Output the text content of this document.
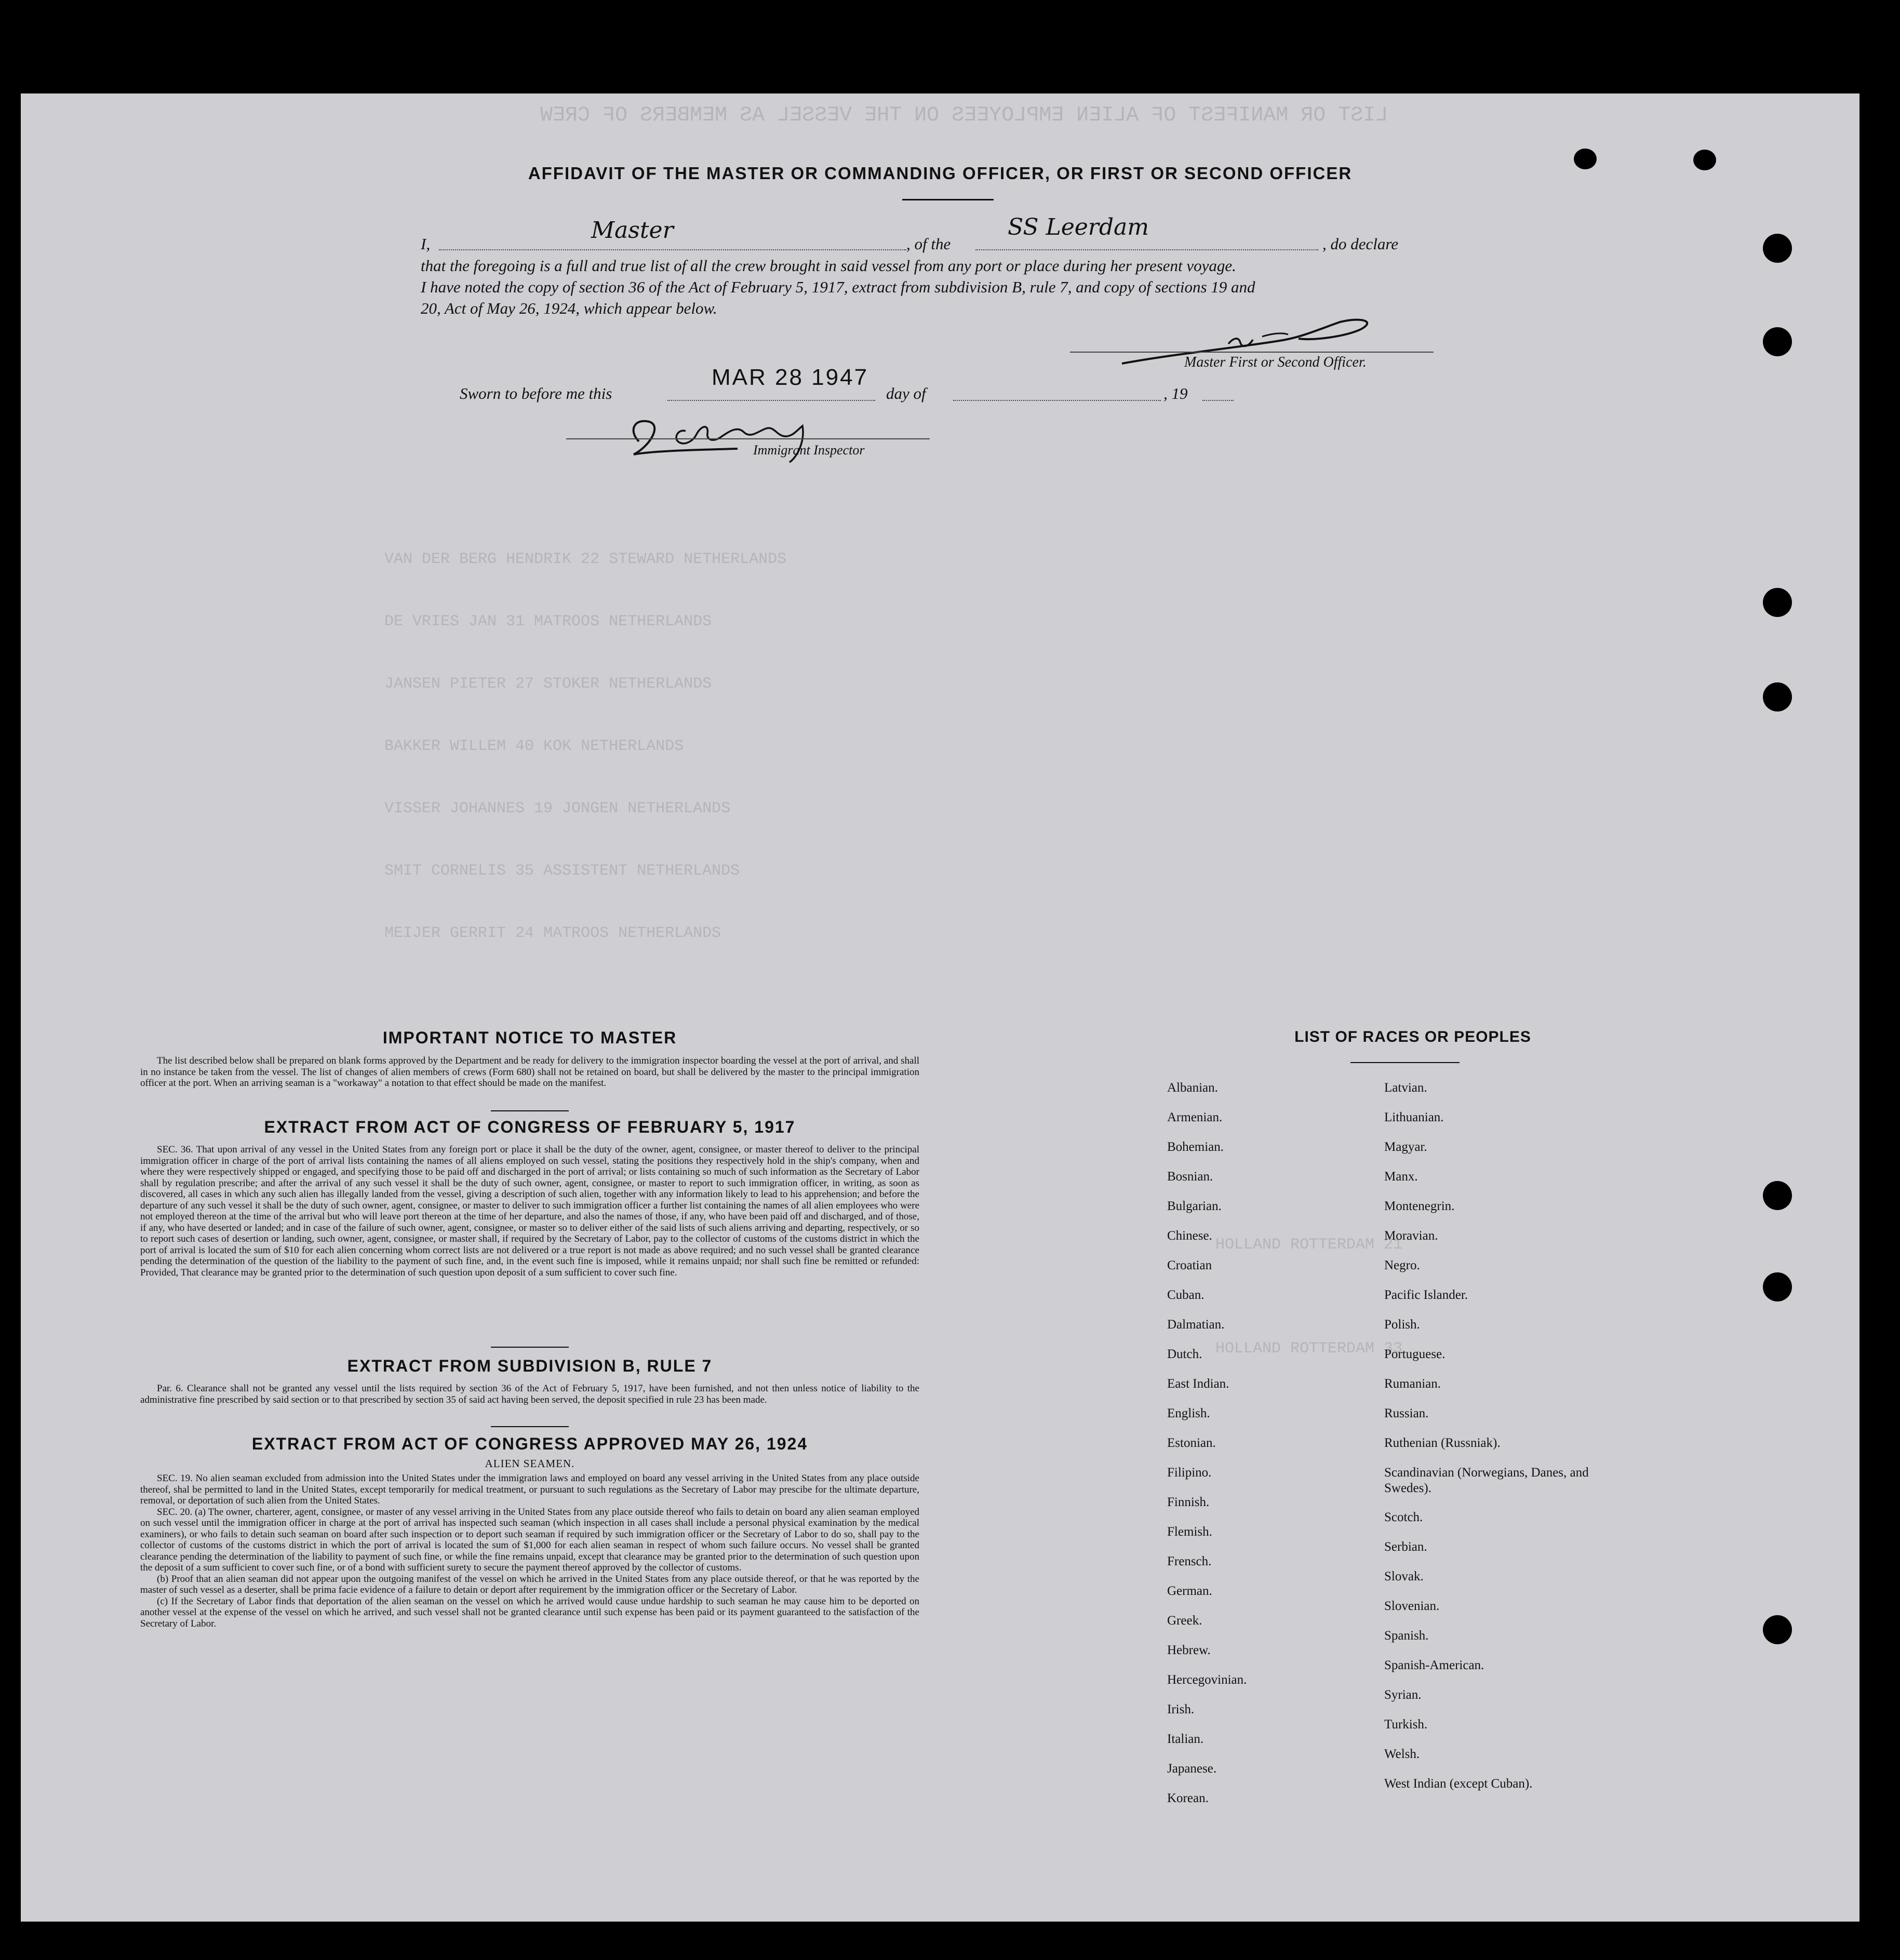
LIST OR MANIFEST OF ALIEN EMPLOYEES ON THE VESSEL AS MEMBERS OF CREW
VAN DER BERG HENDRIK 22 STEWARD NETHERLANDS
DE VRIES JAN 31 MATROOS NETHERLANDS
JANSEN PIETER 27 STOKER NETHERLANDS
BAKKER WILLEM 40 KOK NETHERLANDS
VISSER JOHANNES 19 JONGEN NETHERLANDS
SMIT CORNELIS 35 ASSISTENT NETHERLANDS
MEIJER GERRIT 24 MATROOS NETHERLANDS
HOLLAND ROTTERDAM 21
HOLLAND ROTTERDAM 33
AFFIDAVIT OF THE MASTER OR COMMANDING OFFICER, OR FIRST OR SECOND OFFICER
I,
Master
, of the
SS Leerdam
, do declare
that the foregoing is a full and true list of all the crew brought in said vessel from any port or place during her present voyage.
I have noted the copy of section 36 of the Act of February 5, 1917, extract from subdivision B, rule 7, and copy of sections 19 and
20, Act of May 26, 1924, which appear below.
Master First or Second Officer.
Sworn to before me this
MAR 28 1947
day of	, 19
Immigrant Inspector
IMPORTANT NOTICE TO MASTER

The list described below shall be prepared on blank forms approved by the Department and be ready for delivery to the immigration inspector boarding the vessel at the port of arrival, and shall in no instance be taken from the vessel. The list of changes of alien members of crews (Form 680) shall not be retained on board, but shall be delivered by the master to the principal immigration officer at the port. When an arriving seaman is a "workaway" a notation to that effect should be made on the manifest.

EXTRACT FROM ACT OF CONGRESS OF FEBRUARY 5, 1917

SEC. 36. That upon arrival of any vessel in the United States from any foreign port or place it shall be the duty of the owner, agent, consignee, or master thereof to deliver to the principal immigration officer in charge of the port of arrival lists containing the names of all aliens employed on such vessel, stating the positions they respectively hold in the ship's company, when and where they were respectively shipped or engaged, and specifying those to be paid off and discharged in the port of arrival; or lists containing so much of such information as the Secretary of Labor shall by regulation prescribe; and after the arrival of any such vessel it shall be the duty of such owner, agent, consignee, or master to report to such immigration officer, in writing, as soon as discovered, all cases in which any such alien has illegally landed from the vessel, giving a description of such alien, together with any information likely to lead to his apprehension; and before the departure of any such vessel it shall be the duty of such owner, agent, consignee, or master to deliver to such immigration officer a further list containing the names of all alien employees who were not employed thereon at the time of the arrival but who will leave port thereon at the time of her departure, and also the names of those, if any, who have been paid off and discharged, and of those, if any, who have deserted or landed; and in case of the failure of such owner, agent, consignee, or master so to deliver either of the said lists of such aliens arriving and departing, respectively, or so to report such cases of desertion or landing, such owner, agent, consignee, or master shall, if required by the Secretary of Labor, pay to the collector of customs of the customs district in which the port of arrival is located the sum of $10 for each alien concerning whom correct lists are not delivered or a true report is not made as above required; and no such vessel shall be granted clearance pending the determination of the question of the liability to the payment of such fine, and, in the event such fine is imposed, while it remains unpaid; nor shall such fine be remitted or refunded: Provided, That clearance may be granted prior to the determination of such question upon deposit of a sum sufficient to cover such fine.

EXTRACT FROM SUBDIVISION B, RULE 7

Par. 6. Clearance shall not be granted any vessel until the lists required by section 36 of the Act of February 5, 1917, have been furnished, and not then unless notice of liability to the administrative fine prescribed by said section or to that prescribed by section 35 of said act having been served, the deposit specified in rule 23 has been made.

EXTRACT FROM ACT OF CONGRESS APPROVED MAY 26, 1924
ALIEN SEAMEN.

SEC. 19. No alien seaman excluded from admission into the United States under the immigration laws and employed on board any vessel arriving in the United States from any place outside thereof, shal be permitted to land in the United States, except temporarily for medical treatment, or pursuant to such regulations as the Secretary of Labor may prescibe for the ultimate departure, removal, or deportation of such alien from the United States.

SEC. 20. (a) The owner, charterer, agent, consignee, or master of any vessel arriving in the United States from any place outside thereof who fails to detain on board any alien seaman employed on such vessel until the immigration officer in charge at the port of arrival has inspected such seaman (which inspection in all cases shall include a personal physical examination by the medical examiners), or who fails to detain such seaman on board after such inspection or to deport such seaman if required by such immigration officer or the Secretary of Labor to do so, shall pay to the collector of customs of the customs district in which the port of arrival is located the sum of $1,000 for each alien seaman in respect of whom such failure occurs. No vessel shall be granted clearance pending the determination of the liability to payment of such fine, or while the fine remains unpaid, except that clearance may be granted prior to the determination of such question upon the deposit of a sum sufficient to cover such fine, or of a bond with sufficient surety to secure the payment thereof approved by the collector of customs.

(b) Proof that an alien seaman did not appear upon the outgoing manifest of the vessel on which he arrived in the United States from any place outside thereof, or that he was reported by the master of such vessel as a deserter, shall be prima facie evidence of a failure to detain or deport after requirement by the immigration officer or the Secretary of Labor.

(c) If the Secretary of Labor finds that deportation of the alien seaman on the vessel on which he arrived would cause undue hardship to such seaman he may cause him to be deported on another vessel at the expense of the vessel on which he arrived, and such vessel shall not be granted clearance until such expense has been paid or its payment guaranteed to the satisfaction of the Secretary of Labor.

LIST OF RACES OR PEOPLES
Albanian.
Armenian.
Bohemian.
Bosnian.
Bulgarian.
Chinese.
Croatian
Cuban.
Dalmatian.
Dutch.
East Indian.
English.
Estonian.
Filipino.
Finnish.
Flemish.
Frensch.
German.
Greek.
Hebrew.
Hercegovinian.
Irish.
Italian.
Japanese.
Korean.
Latvian.
Lithuanian.
Magyar.
Manx.
Montenegrin.
Moravian.
Negro.
Pacific Islander.
Polish.
Portuguese.
Rumanian.
Russian.
Ruthenian (Russniak).
Scandinavian (Norwegians, Danes, and Swedes).
Scotch.
Serbian.
Slovak.
Slovenian.
Spanish.
Spanish-American.
Syrian.
Turkish.
Welsh.
West Indian (except Cuban).
